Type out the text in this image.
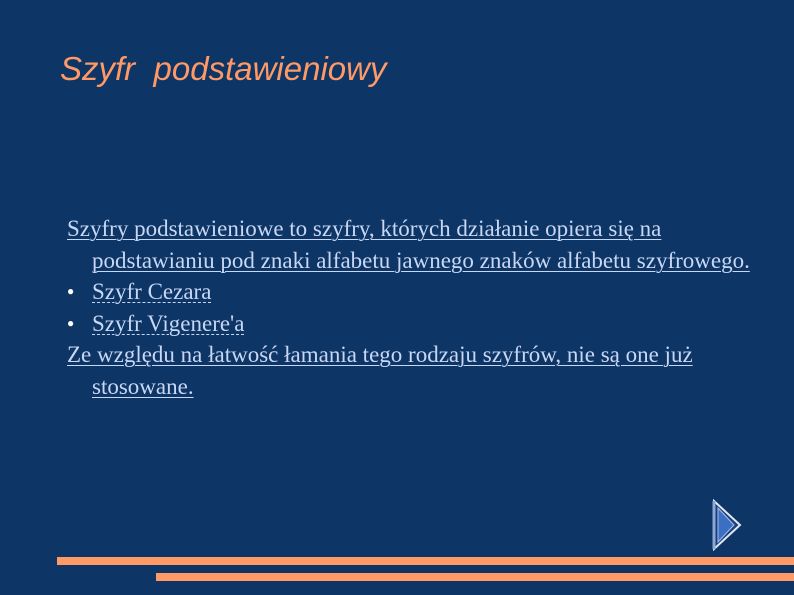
Szyfr  podstawieniowy
Szyfry podstawieniowe to szyfry, których działanie opiera się na podstawianiu pod znaki alfabetu jawnego znaków alfabetu szyfrowego.
● Szyfr Cezara
● Szyfr Vigenere'a
Ze względu na łatwość łamania tego rodzaju szyfrów, nie są one już stosowane.
